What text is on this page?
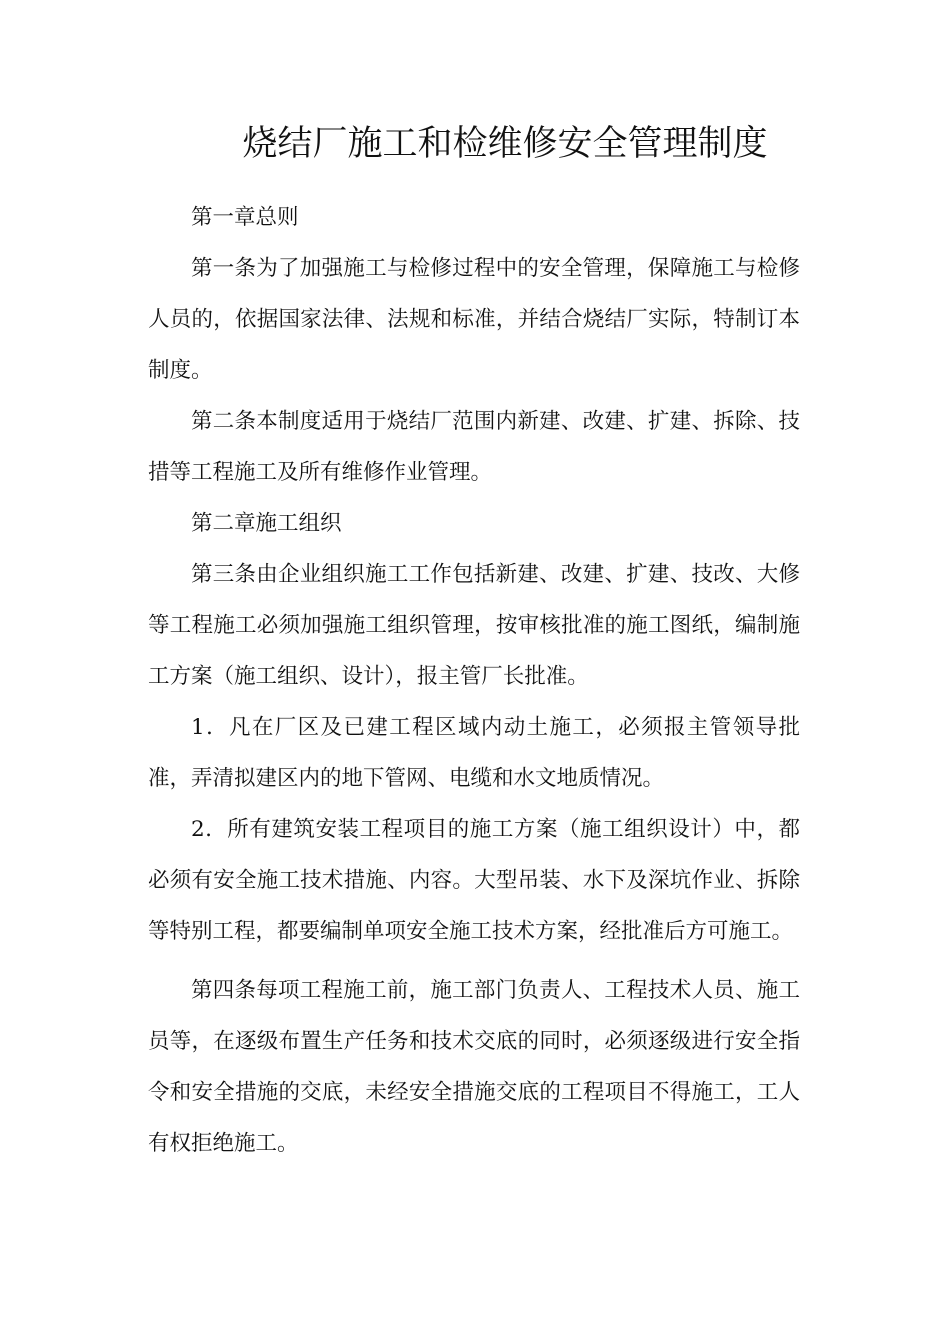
烧结厂施工和检维修安全管理制度

第一章总则

第一条为了加强施工与检修过程中的安全管理，保障施工与检修人员的，依据国家法律、法规和标准，并结合烧结厂实际，特制订本制度。

第二条本制度适用于烧结厂范围内新建、改建、扩建、拆除、技措等工程施工及所有维修作业管理。

第二章施工组织

第三条由企业组织施工工作包括新建、改建、扩建、技改、大修等工程施工必须加强施工组织管理，按审核批准的施工图纸，编制施工方案（施工组织、设计），报主管厂长批准。

1．凡在厂区及已建工程区域内动土施工，必须报主管领导批准，弄清拟建区内的地下管网、电缆和水文地质情况。

2．所有建筑安装工程项目的施工方案（施工组织设计）中，都必须有安全施工技术措施、内容。大型吊装、水下及深坑作业、拆除等特别工程，都要编制单项安全施工技术方案，经批准后方可施工。

第四条每项工程施工前，施工部门负责人、工程技术人员、施工员等，在逐级布置生产任务和技术交底的同时，必须逐级进行安全指令和安全措施的交底，未经安全措施交底的工程项目不得施工，工人有权拒绝施工。
